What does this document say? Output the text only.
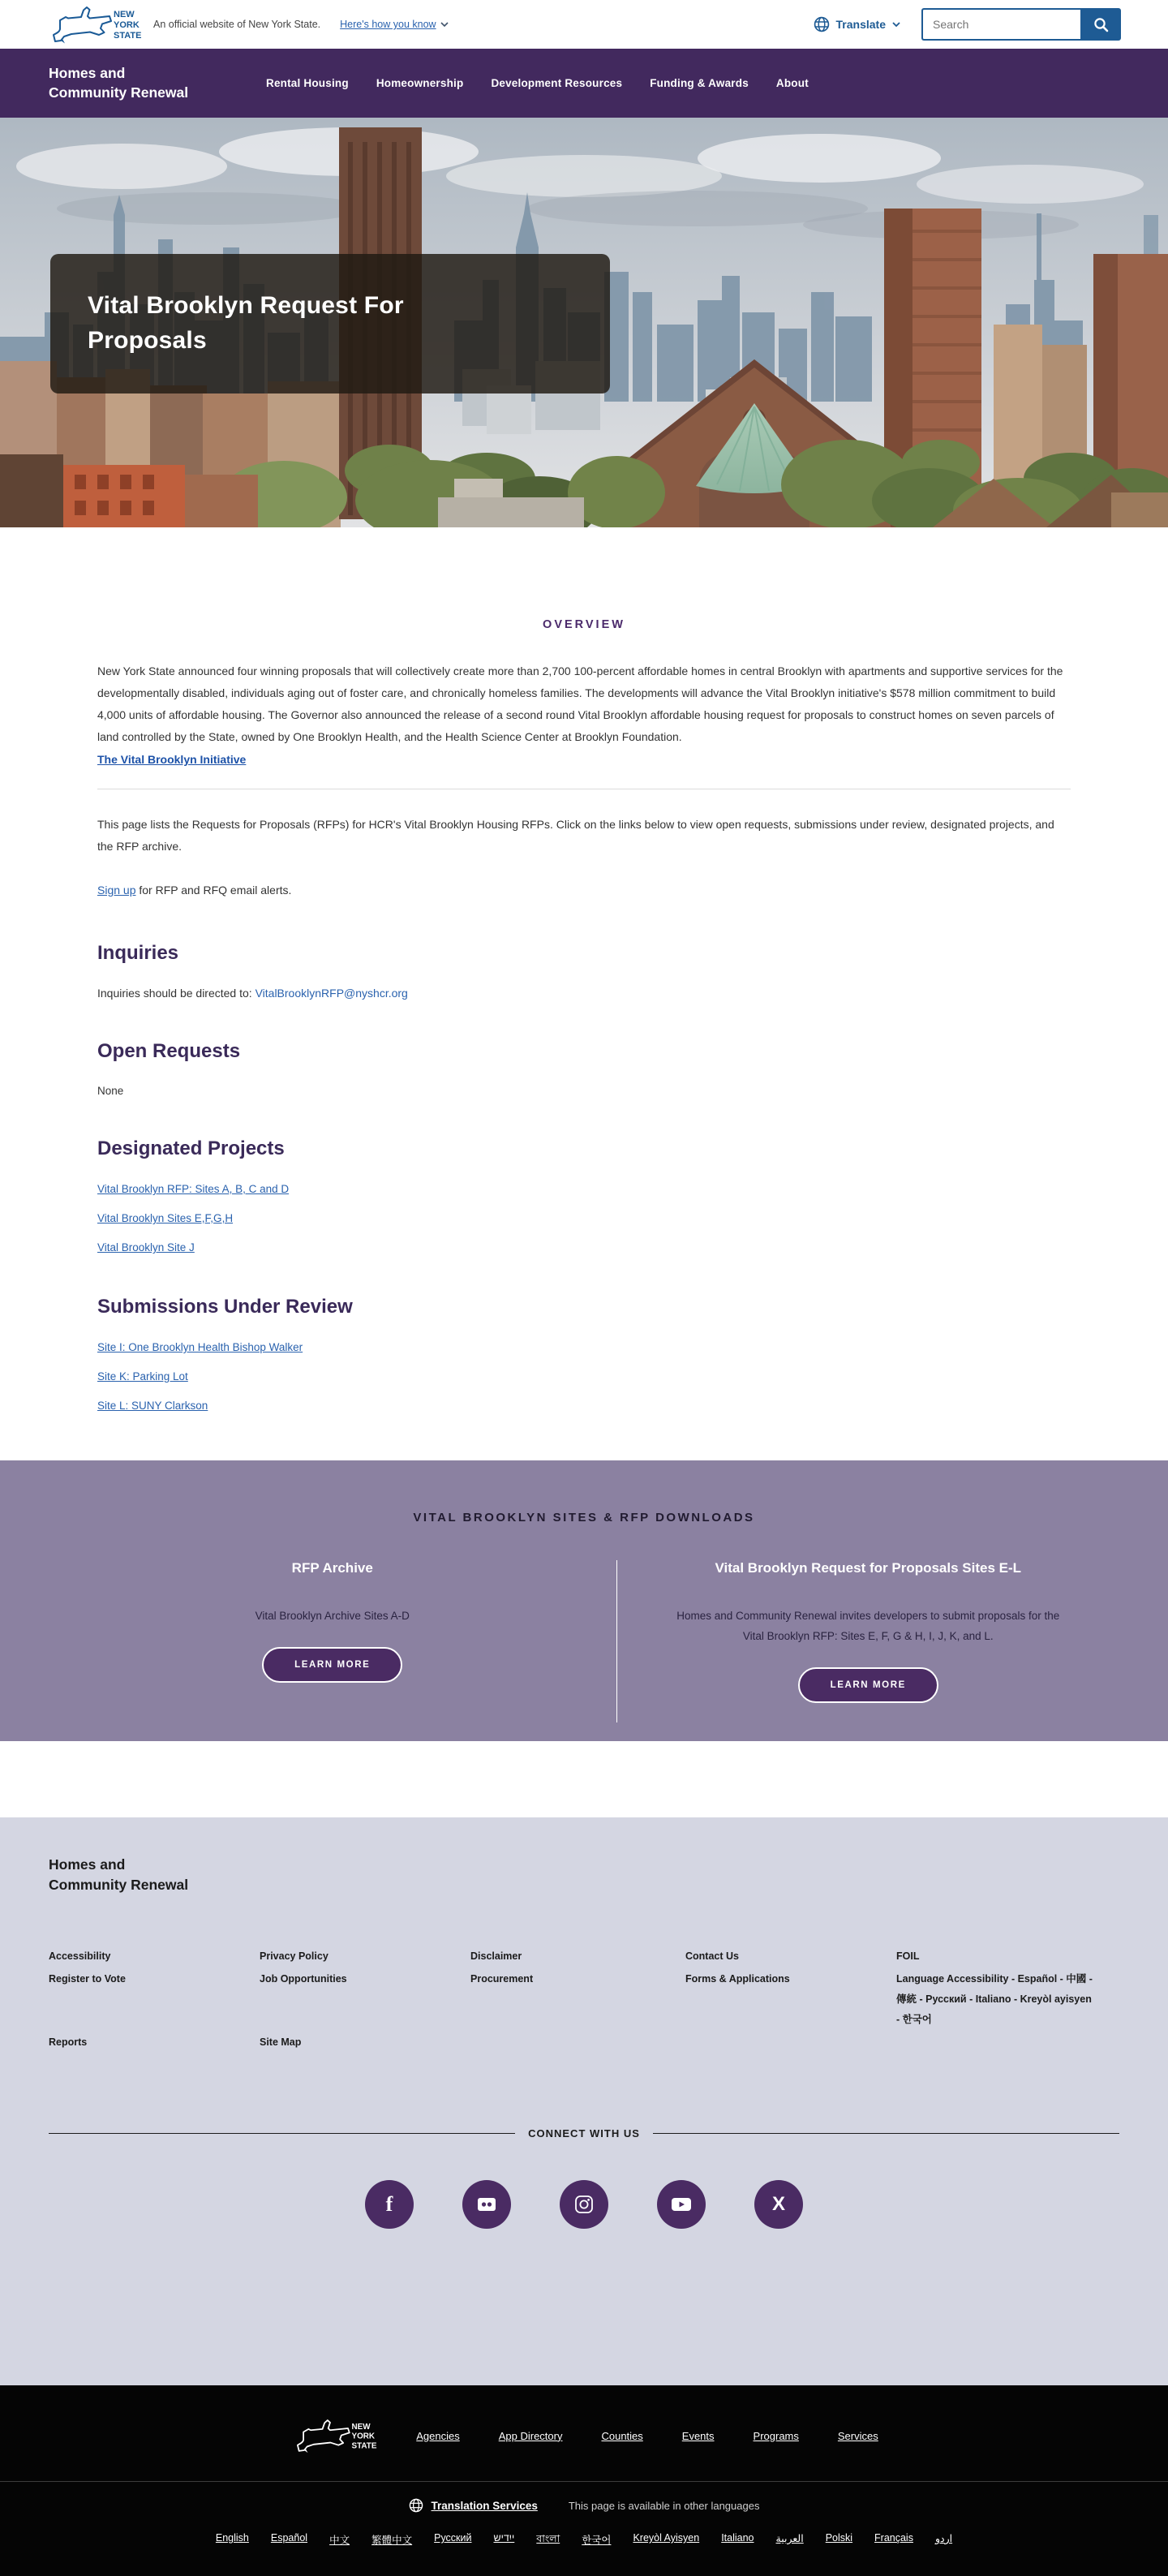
NEW
YORK
STATE
An official website of New York State. Here's how you know	Translate
Search
Homes and
Community Renewal
Rental Housing	Homeownership	Development Resources	Funding & Awards	About
Vital Brooklyn Request For Proposals
OVERVIEW

New York State announced four winning proposals that will collectively create more than 2,700 100-percent affordable homes in central Brooklyn with apartments and supportive services for the developmentally disabled, individuals aging out of foster care, and chronically homeless families. The developments will advance the Vital Brooklyn initiative's $578 million commitment to build 4,000 units of affordable housing. The Governor also announced the release of a second round Vital Brooklyn affordable housing request for proposals to construct homes on seven parcels of land controlled by the State, owned by One Brooklyn Health, and the Health Science Center at Brooklyn Foundation.

The Vital Brooklyn Initiative

This page lists the Requests for Proposals (RFPs) for HCR's Vital Brooklyn Housing RFPs. Click on the links below to view open requests, submissions under review, designated projects, and the RFP archive.

Sign up for RFP and RFQ email alerts.

Inquiries

Inquiries should be directed to: VitalBrooklynRFP@nyshcr.org

Open Requests

None

Designated Projects

Vital Brooklyn RFP: Sites A, B, C and D

Vital Brooklyn Sites E,F,G,H

Vital Brooklyn Site J

Submissions Under Review

Site I: One Brooklyn Health Bishop Walker

Site K: Parking Lot

Site L: SUNY Clarkson

VITAL BROOKLYN SITES & RFP DOWNLOADS
RFP Archive

Vital Brooklyn Archive Sites A-D

LEARN MORE
Vital Brooklyn Request for Proposals Sites E-L

Homes and Community Renewal invites developers to submit proposals for the Vital Brooklyn RFP: Sites E, F, G & H, I, J, K, and L.

LEARN MORE
Homes and
Community Renewal
Accessibility	Privacy Policy	Disclaimer	Contact Us	FOIL
Register to Vote	Job Opportunities	Procurement	Forms & Applications	Language Accessibility - Español - 中國 - 傳統 - Русский - Italiano - Kreyòl ayisyen - 한국어
Reports	Site Map
CONNECT WITH US
f	X
NEW
YORK
STATE
Agencies	App Directory	Counties	Events	Programs	Services
Translation Services	This page is available in other languages
English Español 中文 繁體中文 Русский ייִדיש বাংলা 한국어 Kreyòl Ayisyen Italiano العربية Polski Français اردو
